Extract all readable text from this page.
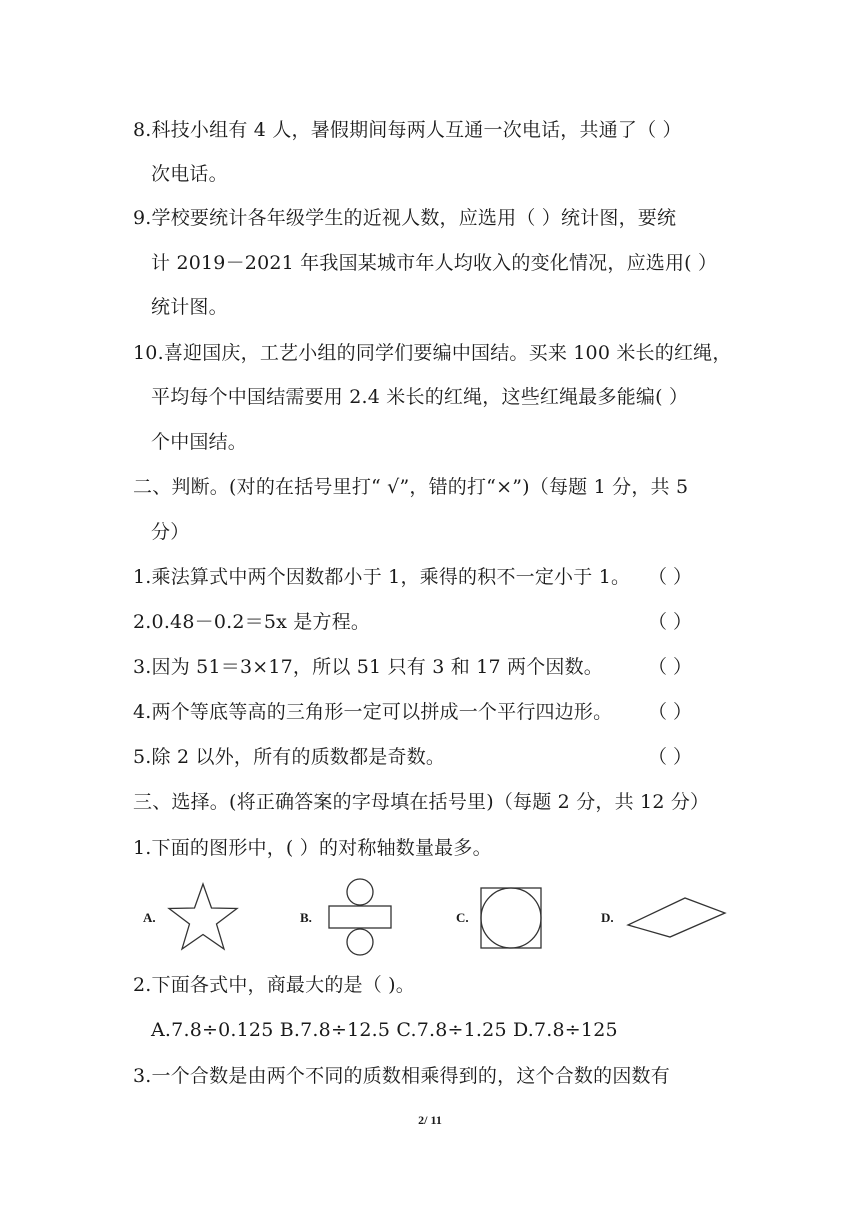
8.科技小组有 4 人，暑假期间每两人互通一次电话，共通了（ ）
次电话。
9.学校要统计各年级学生的近视人数，应选用（ ）统计图，要统
计 2019－2021 年我国某城市年人均收入的变化情况，应选用( ）
统计图。
10.喜迎国庆，工艺小组的同学们要编中国结。买来 100 米长的红绳，
平均每个中国结需要用 2.4 米长的红绳，这些红绳最多能编( ）
个中国结。
二、判断。(对的在括号里打“ √”，错的打“×”)（每题 1 分，共 5
分）
1.乘法算式中两个因数都小于 1，乘得的积不一定小于 1。 （ ）
2.0.48－0.2＝5x 是方程。	（ ）
3.因为 51＝3×17，所以 51 只有 3 和 17 两个因数。 （ ）
4.两个等底等高的三角形一定可以拼成一个平行四边形。 （ ）
5.除 2 以外，所有的质数都是奇数。	（ ）
三、选择。(将正确答案的字母填在括号里)（每题 2 分，共 12 分）
1.下面的图形中，( ）的对称轴数量最多。
A.	B.	C.	D.
2.下面各式中，商最大的是（ )。
A.7.8÷0.125 B.7.8÷12.5 C.7.8÷1.25 D.7.8÷125
3.一个合数是由两个不同的质数相乘得到的，这个合数的因数有
2/ 11
